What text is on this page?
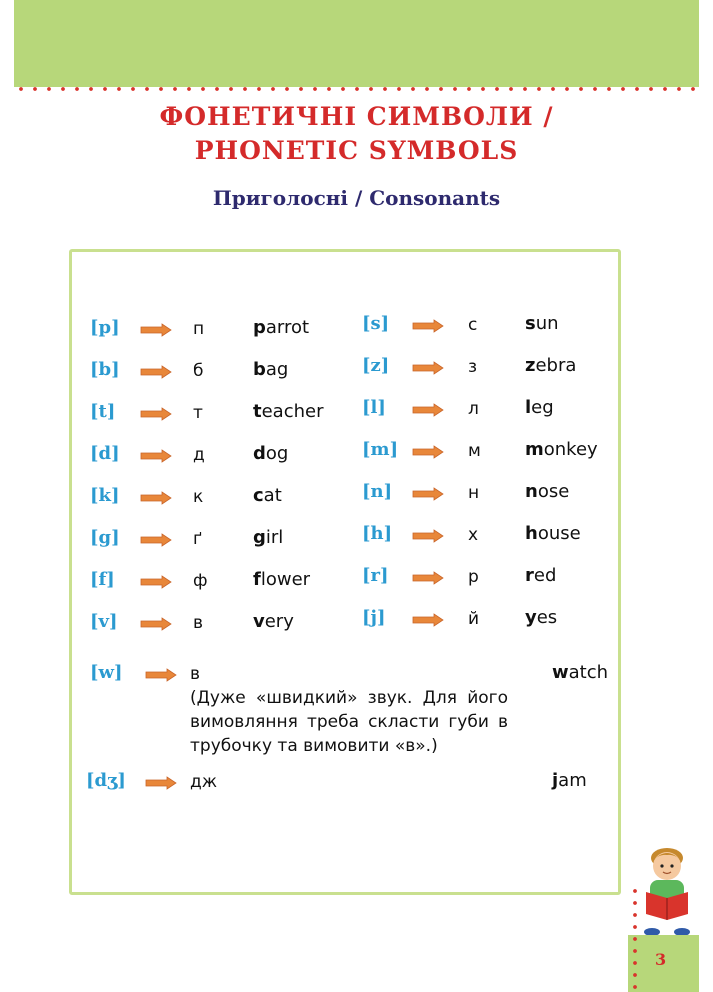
ФОНЕТИЧНІ СИМВОЛИ /
PHONETIC SYMBOLS
Приголосні / Consonants
[p]	п	parrot
[b]	б	bag
[t]	т	teacher
[d]	д	dog
[k]	к	cat
[g]	ґ	girl
[f]	ф	flower
[v]	в	very
[s]	с	sun
[z]	з	zebra
[l]	л	leg
[m]	м monkey
[n]	н	nose
[h]	х	house
[r]	р	red
[j]	й	yes
[w]	в	watch

(Дуже «швидкий» звук. Для його вимовляння треба скласти губи в трубочку та вимовити «в».)

[dʒ]	дж	jam
3
